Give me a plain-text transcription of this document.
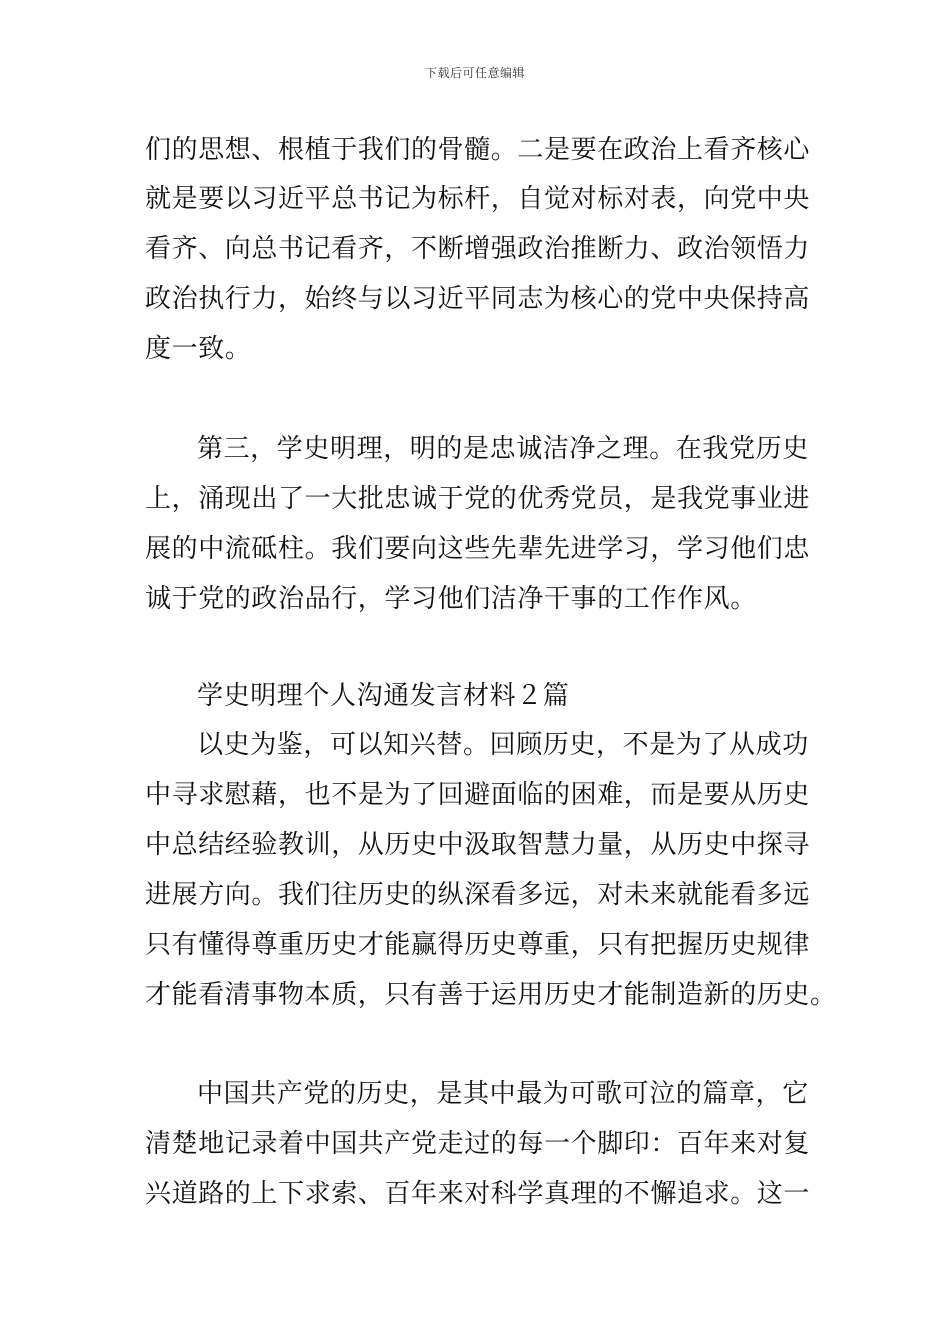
下载后可任意编辑
们的思想、根植于我们的骨髓。二是要在政治上看齐核心
就是要以习近平总书记为标杆，自觉对标对表，向党中央
看齐、向总书记看齐，不断增强政治推断力、政治领悟力
政治执行力，始终与以习近平同志为核心的党中央保持高
度一致。
第三，学史明理，明的是忠诚洁净之理。在我党历史
上，涌现出了一大批忠诚于党的优秀党员，是我党事业进
展的中流砥柱。我们要向这些先辈先进学习，学习他们忠
诚于党的政治品行，学习他们洁净干事的工作作风。
学史明理个人沟通发言材料２篇
以史为鉴，可以知兴替。回顾历史，不是为了从成功
中寻求慰藉，也不是为了回避面临的困难，而是要从历史
中总结经验教训，从历史中汲取智慧力量，从历史中探寻
进展方向。我们往历史的纵深看多远，对未来就能看多远
只有懂得尊重历史才能赢得历史尊重，只有把握历史规律
才能看清事物本质，只有善于运用历史才能制造新的历史。
中国共产党的历史，是其中最为可歌可泣的篇章，它
清楚地记录着中国共产党走过的每一个脚印：百年来对复
兴道路的上下求索、百年来对科学真理的不懈追求。这一
